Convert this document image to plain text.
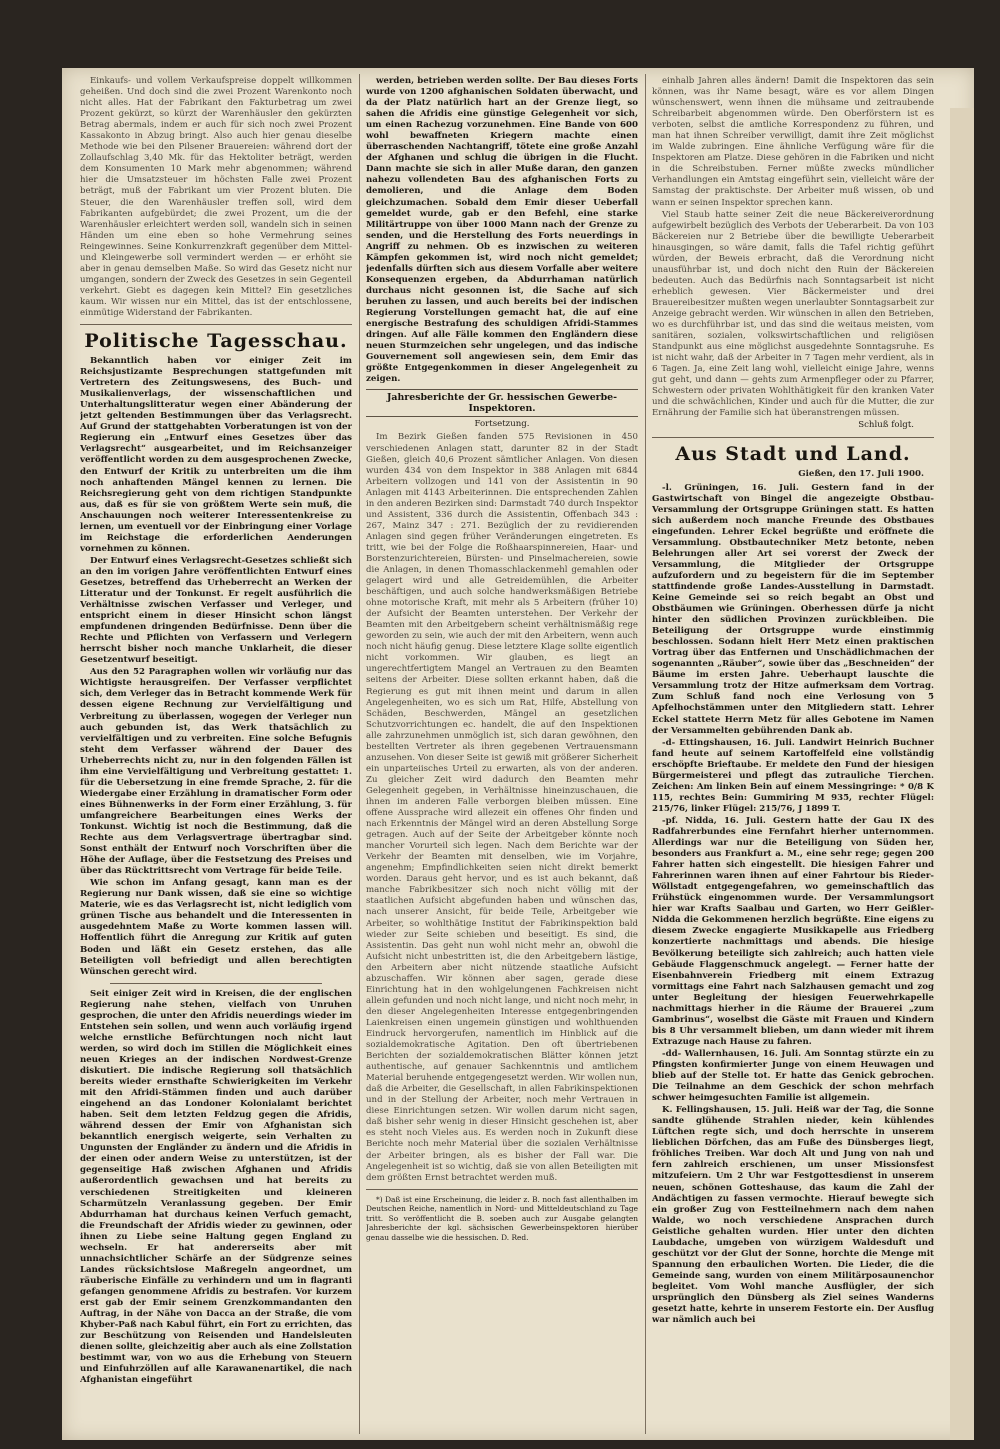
Einkaufs- und vollem Verkaufspreise doppelt willkommen geheißen. Und doch sind die zwei Prozent Warenkonto noch nicht alles. Hat der Fabrikant den Fakturbetrag um zwei Prozent gekürzt, so kürzt der Warenhäusler den gekürzten Betrag abermals, indem er auch für sich noch zwei Prozent Kassakonto in Abzug bringt. Also auch hier genau dieselbe Methode wie bei den Pilsener Brauereien: während dort der Zollaufschlag 3,40 Mk. für das Hektoliter beträgt, werden dem Konsumenten 10 Mark mehr abgenommen; während hier die Umsatzsteuer im höchsten Falle zwei Prozent beträgt, muß der Fabrikant um vier Prozent bluten. Die Steuer, die den Warenhäusler treffen soll, wird dem Fabrikanten aufgebürdet; die zwei Prozent, um die der Warenhäusler erleichtert werden soll, wandeln sich in seinen Händen um eine eben so hohe Vermehrung seines Reingewinnes. Seine Konkurrenzkraft gegenüber dem Mittel- und Kleingewerbe soll vermindert werden — er erhöht sie aber in genau demselben Maße. So wird das Gesetz nicht nur umgangen, sondern der Zweck des Gesetzes in sein Gegenteil verkehrt. Giebt es dagegen kein Mittel? Ein gesetzliches kaum. Wir wissen nur ein Mittel, das ist der entschlossene, einmütige Widerstand der Fabrikanten.

Politische Tagesschau.

Bekanntlich haben vor einiger Zeit im Reichsjustizamte Besprechungen stattgefunden mit Vertretern des Zeitungswesens, des Buch- und Musikalienverlags, der wissenschaftlichen und Unterhaltungslitteratur wegen einer Abänderung der jetzt geltenden Bestimmungen über das Verlagsrecht. Auf Grund der stattgehabten Vorberatungen ist von der Regierung ein „Entwurf eines Gesetzes über das Verlagsrecht“ ausgearbeitet, und im Reichsanzeiger veröffentlicht worden zu dem ausgesprochenen Zwecke, den Entwurf der Kritik zu unterbreiten um die ihm noch anhaftenden Mängel kennen zu lernen. Die Reichsregierung geht von dem richtigen Standpunkte aus, daß es für sie von größtem Werte sein muß, die Anschauungen noch weiterer Interessentenkreise zu lernen, um eventuell vor der Einbringung einer Vorlage im Reichstage die erforderlichen Aenderungen vornehmen zu können.

Der Entwurf eines Verlagsrecht-Gesetzes schließt sich an den im vorigen Jahre veröffentlichten Entwurf eines Gesetzes, betreffend das Urheberrecht an Werken der Litteratur und der Tonkunst. Er regelt ausführlich die Verhältnisse zwischen Verfasser und Verleger, und entspricht einem in dieser Hinsicht schon längst empfundenen dringenden Bedürfnisse. Denn über die Rechte und Pflichten von Verfassern und Verlegern herrscht bisher noch manche Unklarheit, die dieser Gesetzentwurf beseitigt.

Aus den 52 Paragraphen wollen wir vorläufig nur das Wichtigste herausgreifen. Der Verfasser verpflichtet sich, dem Verleger das in Betracht kommende Werk für dessen eigene Rechnung zur Vervielfältigung und Verbreitung zu überlassen, wogegen der Verleger nun auch gebunden ist, das Werk thatsächlich zu vervielfältigen und zu verbreiten. Eine solche Befugnis steht dem Verfasser während der Dauer des Urheberrechts nicht zu, nur in den folgenden Fällen ist ihm eine Vervielfältigung und Verbreitung gestattet: 1. für die Uebersetzung in eine fremde Sprache, 2. für die Wiedergabe einer Erzählung in dramatischer Form oder eines Bühnenwerks in der Form einer Erzählung, 3. für umfangreichere Bearbeitungen eines Werks der Tonkunst. Wichtig ist noch die Bestimmung, daß die Rechte aus dem Verlagsvertrage übertragbar sind. Sonst enthält der Entwurf noch Vorschriften über die Höhe der Auflage, über die Festsetzung des Preises und über das Rücktrittsrecht vom Vertrage für beide Teile.

Wie schon im Anfang gesagt, kann man es der Regierung nur Dank wissen, daß sie eine so wichtige Materie, wie es das Verlagsrecht ist, nicht lediglich vom grünen Tische aus behandelt und die Interessenten in ausgedehntem Maße zu Worte kommen lassen will. Hoffentlich führt die Anregung zur Kritik auf guten Boden und läßt ein Gesetz erstehen, das alle Beteiligten voll befriedigt und allen berechtigten Wünschen gerecht wird.

Seit einiger Zeit wird in Kreisen, die der englischen Regierung nahe stehen, vielfach von Unruhen gesprochen, die unter den Afridis neuerdings wieder im Entstehen sein sollen, und wenn auch vorläufig irgend welche ernstliche Befürchtungen noch nicht laut werden, so wird doch im Stillen die Möglichkeit eines neuen Krieges an der indischen Nordwest-Grenze diskutiert. Die indische Regierung soll thatsächlich bereits wieder ernsthafte Schwierigkeiten im Verkehr mit den Afridi-Stämmen finden und auch darüber eingehend an das Londoner Kolonialamt berichtet haben. Seit dem letzten Feldzug gegen die Afridis, während dessen der Emir von Afghanistan sich bekanntlich energisch weigerte, sein Verhalten zu Ungunsten der Engländer zu ändern und die Afridis in der einen oder andern Weise zu unterstützen, ist der gegenseitige Haß zwischen Afghanen und Afridis außerordentlich gewachsen und hat bereits zu verschiedenen Streitigkeiten und kleineren Scharmützeln Veranlassung gegeben. Der Emir Abdurrhaman hat durchaus keinen Verfuch gemacht, die Freundschaft der Afridis wieder zu gewinnen, oder ihnen zu Liebe seine Haltung gegen England zu wechseln. Er hat andererseits aber mit unnachsichtlicher Schärfe an der Südgrenze seines Landes rücksichtslose Maßregeln angeordnet, um räuberische Einfälle zu verhindern und um in flagranti gefangen genommene Afridis zu bestrafen. Vor kurzem erst gab der Emir seinem Grenzkommandanten den Auftrag, in der Nähe von Dacca an der Straße, die vom Khyber-Paß nach Kabul führt, ein Fort zu errichten, das zur Beschützung von Reisenden und Handelsleuten dienen sollte, gleichzeitig aber auch als eine Zollstation bestimmt war, von wo aus die Erhebung von Steuern und Einfuhrzöllen auf alle Karawanenartikel, die nach Afghanistan eingeführt

werden, betrieben werden sollte. Der Bau dieses Forts wurde von 1200 afghanischen Soldaten überwacht, und da der Platz natürlich hart an der Grenze liegt, so sahen die Afridis eine günstige Gelegenheit vor sich, um einen Rachezug vorzunehmen. Eine Bande von 600 wohl bewaffneten Kriegern machte einen überraschenden Nachtangriff, tötete eine große Anzahl der Afghanen und schlug die übrigen in die Flucht. Dann machte sie sich in aller Muße daran, den ganzen nahezu vollendeten Bau des afghanischen Forts zu demolieren, und die Anlage dem Boden gleichzumachen. Sobald dem Emir dieser Ueberfall gemeldet wurde, gab er den Befehl, eine starke Militärtruppe von über 1000 Mann nach der Grenze zu senden, und die Herstellung des Forts neuerdings in Angriff zu nehmen. Ob es inzwischen zu weiteren Kämpfen gekommen ist, wird noch nicht gemeldet; jedenfalls dürften sich aus diesem Vorfalle aber weitere Konsequenzen ergeben, da Abdurrhaman natürlich durchaus nicht gesonnen ist, die Sache auf sich beruhen zu lassen, und auch bereits bei der indischen Regierung Vorstellungen gemacht hat, die auf eine energische Bestrafung des schuldigen Afridi-Stammes dringen. Auf alle Fälle kommen den Engländern diese neuen Sturmzeichen sehr ungelegen, und das indische Gouvernement soll angewiesen sein, dem Emir das größte Entgegenkommen in dieser Angelegenheit zu zeigen.

Jahresberichte der Gr. hessischen Gewerbe-Inspektoren.
Fortsetzung.

Im Bezirk Gießen fanden 575 Revisionen in 450 verschiedenen Anlagen statt, darunter 82 in der Stadt Gießen, gleich 40,6 Prozent sämtlicher Anlagen. Von diesen wurden 434 von dem Inspektor in 388 Anlagen mit 6844 Arbeitern vollzogen und 141 von der Assistentin in 90 Anlagen mit 4143 Arbeiterinnen. Die entsprechenden Zahlen in den anderen Bezirken sind: Darmstadt 740 durch Inspektor und Assistent, 336 durch die Assistentin, Offenbach 343 : 267, Mainz 347 : 271. Bezüglich der zu revidierenden Anlagen sind gegen früher Veränderungen eingetreten. Es tritt, wie bei der Folge die Roßhaarspinnereien, Haar- und Borstenzurichtereien, Bürsten- und Pinselmachereien, sowie die Anlagen, in denen Thomasschlackenmehl gemahlen oder gelagert wird und alle Getreidemühlen, die Arbeiter beschäftigen, und auch solche handwerksmäßigen Betriebe ohne motorische Kraft, mit mehr als 5 Arbeitern (früher 10) der Aufsicht der Beamten unterstehen. Der Verkehr der Beamten mit den Arbeitgebern scheint verhältnismäßig rege geworden zu sein, wie auch der mit den Arbeitern, wenn auch noch nicht häufig genug. Diese letztere Klage sollte eigentlich nicht vorkommen. Wir glauben, es liegt an ungerechtfertigtem Mangel an Vertrauen zu den Beamten seitens der Arbeiter. Diese sollten erkannt haben, daß die Regierung es gut mit ihnen meint und darum in allen Angelegenheiten, wo es sich um Rat, Hilfe, Abstellung von Schäden, Beschwerden, Mängel an gesetzlichen Schutzvorrichtungen ec. handelt, die auf den Inspektionen alle zahrzunehmen unmöglich ist, sich daran gewöhnen, den bestellten Vertreter als ihren gegebenen Vertrauensmann anzusehen. Von dieser Seite ist gewiß mit größerer Sicherheit ein unparteiisches Urteil zu erwarten, als von der anderen. Zu gleicher Zeit wird dadurch den Beamten mehr Gelegenheit gegeben, in Verhältnisse hineinzuschauen, die ihnen im anderen Falle verborgen bleiben müssen. Eine offene Aussprache wird allezeit ein offenes Ohr finden und nach Erkenntnis der Mängel wird an deren Abstellung Sorge getragen. Auch auf der Seite der Arbeitgeber könnte noch mancher Vorurteil sich legen. Nach dem Berichte war der Verkehr der Beamten mit denselben, wie im Vorjahre, angenehm; Empfindlichkeiten seien nicht direkt bemerkt worden. Daraus geht hervor, und es ist auch bekannt, daß manche Fabrikbesitzer sich noch nicht völlig mit der staatlichen Aufsicht abgefunden haben und wünschen das, nach unserer Ansicht, für beide Teile, Arbeitgeber wie Arbeiter, so wohlthätige Institut der Fabrikinspektion bald wieder zur Seite schieben und beseitigt. Es sind, die Assistentin. Das geht nun wohl nicht mehr an, obwohl die Aufsicht nicht unbestritten ist, die den Arbeitgebern lästige, den Arbeitern aber nicht nützende staatliche Aufsicht abzuschaffen. Wir können aber sagen, gerade diese Einrichtung hat in den wohlgelungenen Fachkreisen nicht allein gefunden und noch nicht lange, und nicht noch mehr, in den dieser Angelegenheiten Interesse entgegenbringenden Laienkreisen einen ungemein günstigen und wohlthuenden Eindruck hervorgerufen, namentlich im Hinblick auf die sozialdemokratische Agitation. Den oft übertriebenen Berichten der sozialdemokratischen Blätter können jetzt authentische, auf genauer Sachkenntnis und amtlichem Material beruhende entgegengesetzt werden. Wir wollen nun, daß die Arbeiter, die Gesellschaft, in allen Fabrikinspektionen und in der Stellung der Arbeiter, noch mehr Vertrauen in diese Einrichtungen setzen. Wir wollen darum nicht sagen, daß bisher sehr wenig in dieser Hinsicht geschehen ist, aber es steht noch Vieles aus. Es werden noch in Zukunft diese Berichte noch mehr Material über die sozialen Verhältnisse der Arbeiter bringen, als es bisher der Fall war. Die Angelegenheit ist so wichtig, daß sie von allen Beteiligten mit dem größten Ernst betrachtet werden muß.

*) Daß ist eine Erscheinung, die leider z. B. noch fast allenthalben im Deutschen Reiche, namentlich in Nord- und Mitteldeutschland zu Tage tritt. So veröffentlicht die B. soeben auch zur Ausgabe gelangten Jahresberichte der kgl. sächsischen Gewerbeinspektoren hierüber genau dasselbe wie die hessischen. D. Red.

einhalb Jahren alles ändern! Damit die Inspektoren das sein können, was ihr Name besagt, wäre es vor allem Dingen wünschenswert, wenn ihnen die mühsame und zeitraubende Schreibarbeit abgenommen würde. Den Oberförstern ist es verboten, selbst die amtliche Korrespondenz zu führen, und man hat ihnen Schreiber verwilligt, damit ihre Zeit möglichst im Walde zubringen. Eine ähnliche Verfügung wäre für die Inspektoren am Platze. Diese gehören in die Fabriken und nicht in die Schreibstuben. Ferner müßte zwecks mündlicher Verhandlungen ein Amtstag eingeführt sein, vielleicht wäre der Samstag der praktischste. Der Arbeiter muß wissen, ob und wann er seinen Inspektor sprechen kann.

Viel Staub hatte seiner Zeit die neue Bäckereiverordnung aufgewirbelt bezüglich des Verbots der Ueberarbeit. Da von 103 Bäckereien nur 2 Betriebe über die bewilligte Ueberarbeit hinausgingen, so wäre damit, falls die Tafel richtig geführt würden, der Beweis erbracht, daß die Verordnung nicht unausführbar ist, und doch nicht den Ruin der Bäckereien bedeuten. Auch das Bedürfnis nach Sonntagsarbeit ist nicht erheblich gewesen. Vier Bäckermeister und drei Brauereibesitzer mußten wegen unerlaubter Sonntagsarbeit zur Anzeige gebracht werden. Wir wünschen in allen den Betrieben, wo es durchführbar ist, und das sind die weitaus meisten, vom sanitären, sozialen, volkswirtschaftlichen und religiösen Standpunkt aus eine möglichst ausgedehnte Sonntagsruhe. Es ist nicht wahr, daß der Arbeiter in 7 Tagen mehr verdient, als in 6 Tagen. Ja, eine Zeit lang wohl, vielleicht einige Jahre, wenns gut geht, und dann — gehts zum Armenpfleger oder zu Pfarrer, Schwestern oder privaten Wohlthätigkeit für den kranken Vater und die schwächlichen, Kinder und auch für die Mutter, die zur Ernährung der Familie sich hat überanstrengen müssen.

Schluß folgt.
Aus Stadt und Land.
Gießen, den 17. Juli 1900.

-l. Grüningen, 16. Juli. Gestern fand in der Gastwirtschaft von Bingel die angezeigte Obstbau-Versammlung der Ortsgruppe Grüningen statt. Es hatten sich außerdem noch manche Freunde des Obstbaues eingefunden. Lehrer Eckel begrüßte und eröffnete die Versammlung. Obstbautechniker Metz betonte, neben Belehrungen aller Art sei vorerst der Zweck der Versammlung, die Mitglieder der Ortsgruppe aufzufordern und zu begeistern für die im September stattfindende große Landes-Ausstellung in Darmstadt. Keine Gemeinde sei so reich begabt an Obst und Obstbäumen wie Grüningen. Oberhessen dürfe ja nicht hinter den südlichen Provinzen zurückbleiben. Die Beteiligung der Ortsgruppe wurde einstimmig beschlossen. Sodann hielt Herr Metz einen praktischen Vortrag über das Entfernen und Unschädlichmachen der sogenannten „Räuber“, sowie über das „Beschneiden“ der Bäume im ersten Jahre. Ueberhaupt lauschte die Versammlung trotz der Hitze aufmerksam dem Vortrag. Zum Schluß fand noch eine Verlosung von 5 Apfelhochstämmen unter den Mitgliedern statt. Lehrer Eckel stattete Herrn Metz für alles Gebotene im Namen der Versammelten gebührenden Dank ab.

-d- Ettingshausen, 16. Juli. Landwirt Heinrich Buchner fand heute auf seinem Kartoffelfeld eine vollständig erschöpfte Brieftaube. Er meldete den Fund der hiesigen Bürgermeisterei und pflegt das zutrauliche Tierchen. Zeichen: Am linken Bein auf einem Messingringe: * 0/8 K 115, rechtes Bein: Gummiring M 935, rechter Flügel: 215/76, linker Flügel: 215/76, J 1899 T.

-pf. Nidda, 16. Juli. Gestern hatte der Gau IX des Radfahrerbundes eine Fernfahrt hierher unternommen. Allerdings war nur die Beteiligung von Süden her, besonders aus Frankfurt a. M., eine sehr rege; gegen 200 Fahrer hatten sich eingestellt. Die hiesigen Fahrer und Fahrerinnen waren ihnen auf einer Fahrtour bis Rieder-Wöllstadt entgegengefahren, wo gemeinschaftlich das Frühstück eingenommen wurde. Der Versammlungsort hier war Krafts Saalbau und Garten, wo Herr Geißler-Nidda die Gekommenen herzlich begrüßte. Eine eigens zu diesem Zwecke engagierte Musikkapelle aus Friedberg konzertierte nachmittags und abends. Die hiesige Bevölkerung beteiligte sich zahlreich; auch hatten viele Gebäude Flaggenschmuck angelegt. — Ferner hatte der Eisenbahnverein Friedberg mit einem Extrazug vormittags eine Fahrt nach Salzhausen gemacht und zog unter Begleitung der hiesigen Feuerwehrkapelle nachmittags hierher in die Räume der Brauerei „zum Gambrinus“, woselbst die Gäste mit Frauen und Kindern bis 8 Uhr versammelt blieben, um dann wieder mit ihrem Extrazuge nach Hause zu fahren.

-dd- Wallernhausen, 16. Juli. Am Sonntag stürzte ein zu Pfingsten konfirmierter Junge von einem Heuwagen und blieb auf der Stelle tot. Er hatte das Genick gebrochen. Die Teilnahme an dem Geschick der schon mehrfach schwer heimgesuchten Familie ist allgemein.

K. Fellingshausen, 15. Juli. Heiß war der Tag, die Sonne sandte glühende Strahlen nieder, kein kühlendes Lüftchen regte sich, und doch herrschte in unserem lieblichen Dörfchen, das am Fuße des Dünsberges liegt, fröhliches Treiben. War doch Alt und Jung von nah und fern zahlreich erschienen, um unser Missionsfest mitzufeiern. Um 2 Uhr war Festgottesdienst in unserem neuen, schönen Gotteshause, das kaum die Zahl der Andächtigen zu fassen vermochte. Hierauf bewegte sich ein großer Zug von Festteilnehmern nach dem nahen Walde, wo noch verschiedene Ansprachen durch Geistliche gehalten wurden. Hier unter den dichten Laubdache, umgeben von würzigem Waldesduft und geschützt vor der Glut der Sonne, horchte die Menge mit Spannung den erbaulichen Worten. Die Lieder, die die Gemeinde sang, wurden von einem Militärposaunenchor begleitet. Vom Wohl manche Ausflügler, der sich ursprünglich den Dünsberg als Ziel seines Wanderns gesetzt hatte, kehrte in unserem Festorte ein. Der Ausflug war nämlich auch bei
